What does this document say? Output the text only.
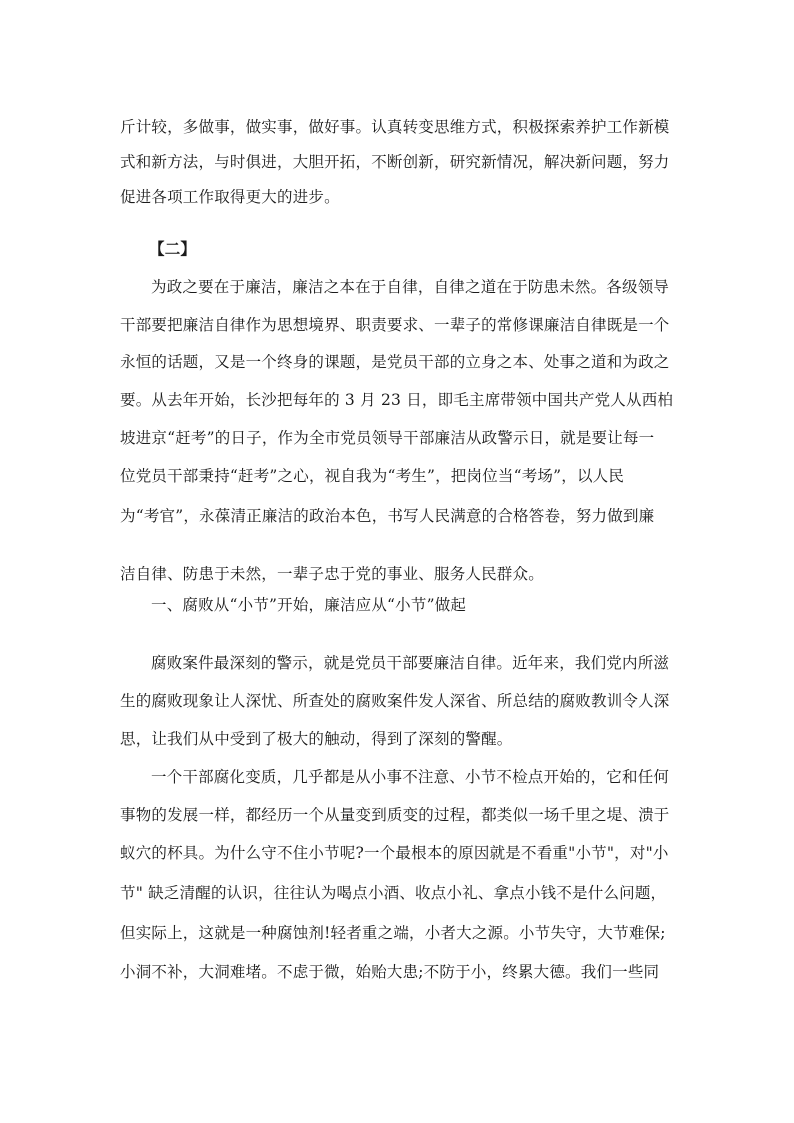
斤计较，多做事，做实事，做好事。认真转变思维方式，积极探索养护工作新模
式和新方法，与时俱进，大胆开拓，不断创新，研究新情况，解决新问题，努力
促进各项工作取得更大的进步。
【二】
为政之要在于廉洁，廉洁之本在于自律，自律之道在于防患未然。各级领导
干部要把廉洁自律作为思想境界、职责要求、一辈子的常修课廉洁自律既是一个
永恒的话题，又是一个终身的课题，是党员干部的立身之本、处事之道和为政之
要。从去年开始，长沙把每年的 3 月 23 日，即毛主席带领中国共产党人从西柏
坡进京“赶考”的日子，作为全市党员领导干部廉洁从政警示日，就是要让每一
位党员干部秉持“赶考”之心，视自我为“考生”，把岗位当“考场”，以人民
为“考官”，永葆清正廉洁的政治本色，书写人民满意的合格答卷，努力做到廉
洁自律、防患于未然，一辈子忠于党的事业、服务人民群众。
一、腐败从“小节”开始，廉洁应从“小节”做起
腐败案件最深刻的警示，就是党员干部要廉洁自律。近年来，我们党内所滋
生的腐败现象让人深忧、所查处的腐败案件发人深省、所总结的腐败教训令人深
思，让我们从中受到了极大的触动，得到了深刻的警醒。
一个干部腐化变质，几乎都是从小事不注意、小节不检点开始的，它和任何
事物的发展一样，都经历一个从量变到质变的过程，都类似一场千里之堤、溃于
蚁穴的杯具。为什么守不住小节呢?一个最根本的原因就是不看重"小节"，对"小
节" 缺乏清醒的认识，往往认为喝点小酒、收点小礼、拿点小钱不是什么问题，
但实际上，这就是一种腐蚀剂!轻者重之端，小者大之源。小节失守，大节难保;
小洞不补，大洞难堵。不虑于微，始贻大患;不防于小，终累大德。我们一些同
